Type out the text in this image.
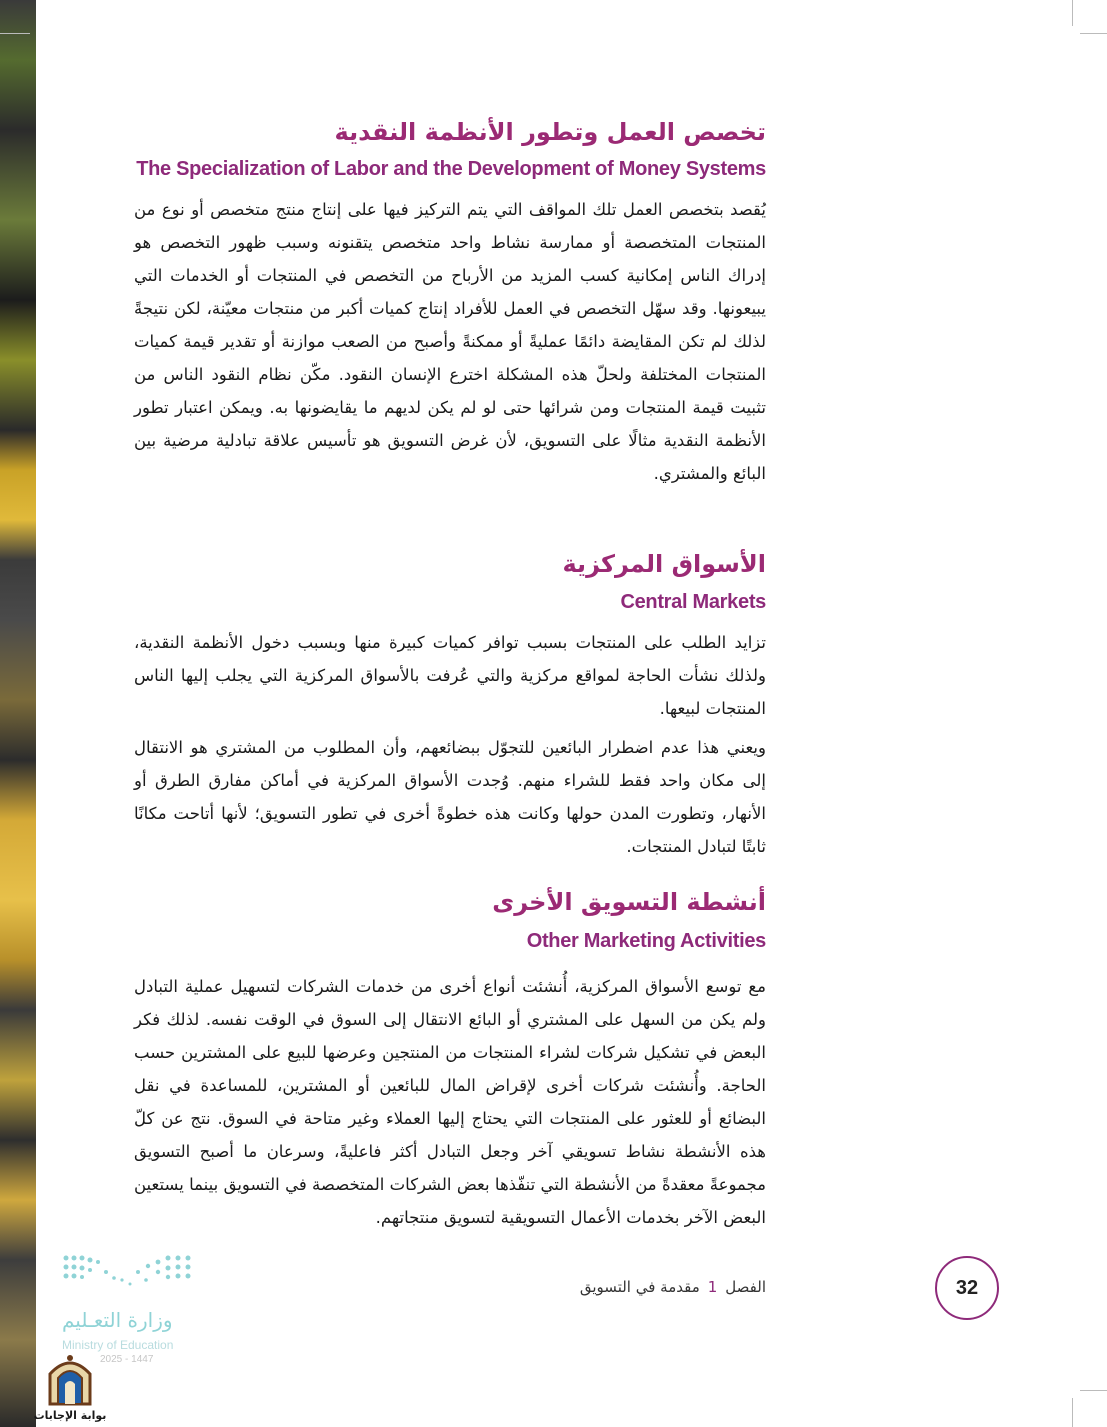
تخصص العمل وتطور الأنظمة النقدية
The Specialization of Labor and the Development of Money Systems

يُقصد بتخصص العمل تلك المواقف التي يتم التركيز فيها على إنتاج منتج متخصص أو نوع من المنتجات المتخصصة أو ممارسة نشاط واحد متخصص يتقنونه وسبب ظهور التخصص هو إدراك الناس إمكانية كسب المزيد من الأرباح من التخصص في المنتجات أو الخدمات التي يبيعونها. وقد سهّل التخصص في العمل للأفراد إنتاج كميات أكبر من منتجات معيّنة، لكن نتيجةً لذلك لم تكن المقايضة دائمًا عمليةً أو ممكنةً وأصبح من الصعب موازنة أو تقدير قيمة كميات المنتجات المختلفة ولحلّ هذه المشكلة اخترع الإنسان النقود. مكّن نظام النقود الناس من تثبيت قيمة المنتجات ومن شرائها حتى لو لم يكن لديهم ما يقايضونها به. ويمكن اعتبار تطور الأنظمة النقدية مثالًا على التسويق، لأن غرض التسويق هو تأسيس علاقة تبادلية مرضية بين البائع والمشتري.

الأسواق المركزية
Central Markets

تزايد الطلب على المنتجات بسبب توافر كميات كبيرة منها وبسبب دخول الأنظمة النقدية، ولذلك نشأت الحاجة لمواقع مركزية والتي عُرفت بالأسواق المركزية التي يجلب إليها الناس المنتجات لبيعها.

ويعني هذا عدم اضطرار البائعين للتجوّل ببضائعهم، وأن المطلوب من المشتري هو الانتقال إلى مكان واحد فقط للشراء منهم. وُجدت الأسواق المركزية في أماكن مفارق الطرق أو الأنهار، وتطورت المدن حولها وكانت هذه خطوةً أخرى في تطور التسويق؛ لأنها أتاحت مكانًا ثابتًا لتبادل المنتجات.

أنشطة التسويق الأخرى
Other Marketing Activities

مع توسع الأسواق المركزية، أُنشئت أنواع أخرى من خدمات الشركات لتسهيل عملية التبادل ولم يكن من السهل على المشتري أو البائع الانتقال إلى السوق في الوقت نفسه. لذلك فكر البعض في تشكيل شركات لشراء المنتجات من المنتجين وعرضها للبيع على المشترين حسب الحاجة. وأُنشئت شركات أخرى لإقراض المال للبائعين أو المشترين، للمساعدة في نقل البضائع أو للعثور على المنتجات التي يحتاج إليها العملاء وغير متاحة في السوق. نتج عن كلّ هذه الأنشطة نشاط تسويقي آخر وجعل التبادل أكثر فاعليةً، وسرعان ما أصبح التسويق مجموعةً معقدةً من الأنشطة التي تنفّذها بعض الشركات المتخصصة في التسويق بينما يستعين البعض الآخر بخدمات الأعمال التسويقية لتسويق منتجاتهم.

الفصل1مقدمة في التسويق	32
وزارة التعـليم
Ministry of Education
2025 - 1447
بوابة الإجابات
